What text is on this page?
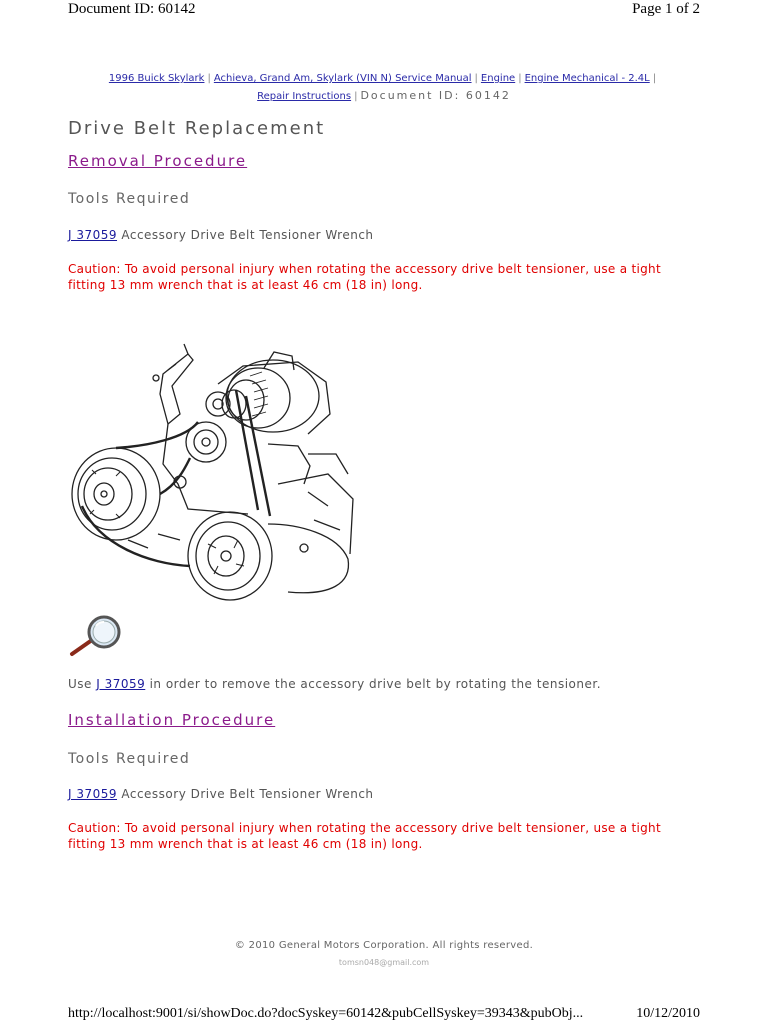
Document ID: 60142	Page 1 of 2
1996 Buick Skylark | Achieva, Grand Am, Skylark (VIN N) Service Manual | Engine | Engine Mechanical - 2.4L |
Repair Instructions | Document ID: 60142
Drive Belt Replacement
Removal Procedure
Tools Required
J 37059 Accessory Drive Belt Tensioner Wrench
Caution: To avoid personal injury when rotating the accessory drive belt tensioner, use a tight fitting 13 mm wrench that is at least 46 cm (18 in) long.
Use J 37059 in order to remove the accessory drive belt by rotating the tensioner.
Installation Procedure
Tools Required
J 37059 Accessory Drive Belt Tensioner Wrench
Caution: To avoid personal injury when rotating the accessory drive belt tensioner, use a tight fitting 13 mm wrench that is at least 46 cm (18 in) long.
© 2010 General Motors Corporation. All rights reserved.
tomsn048@gmail.com
http://localhost:9001/si/showDoc.do?docSyskey=60142&pubCellSyskey=39343&pubObj...	10/12/2010
